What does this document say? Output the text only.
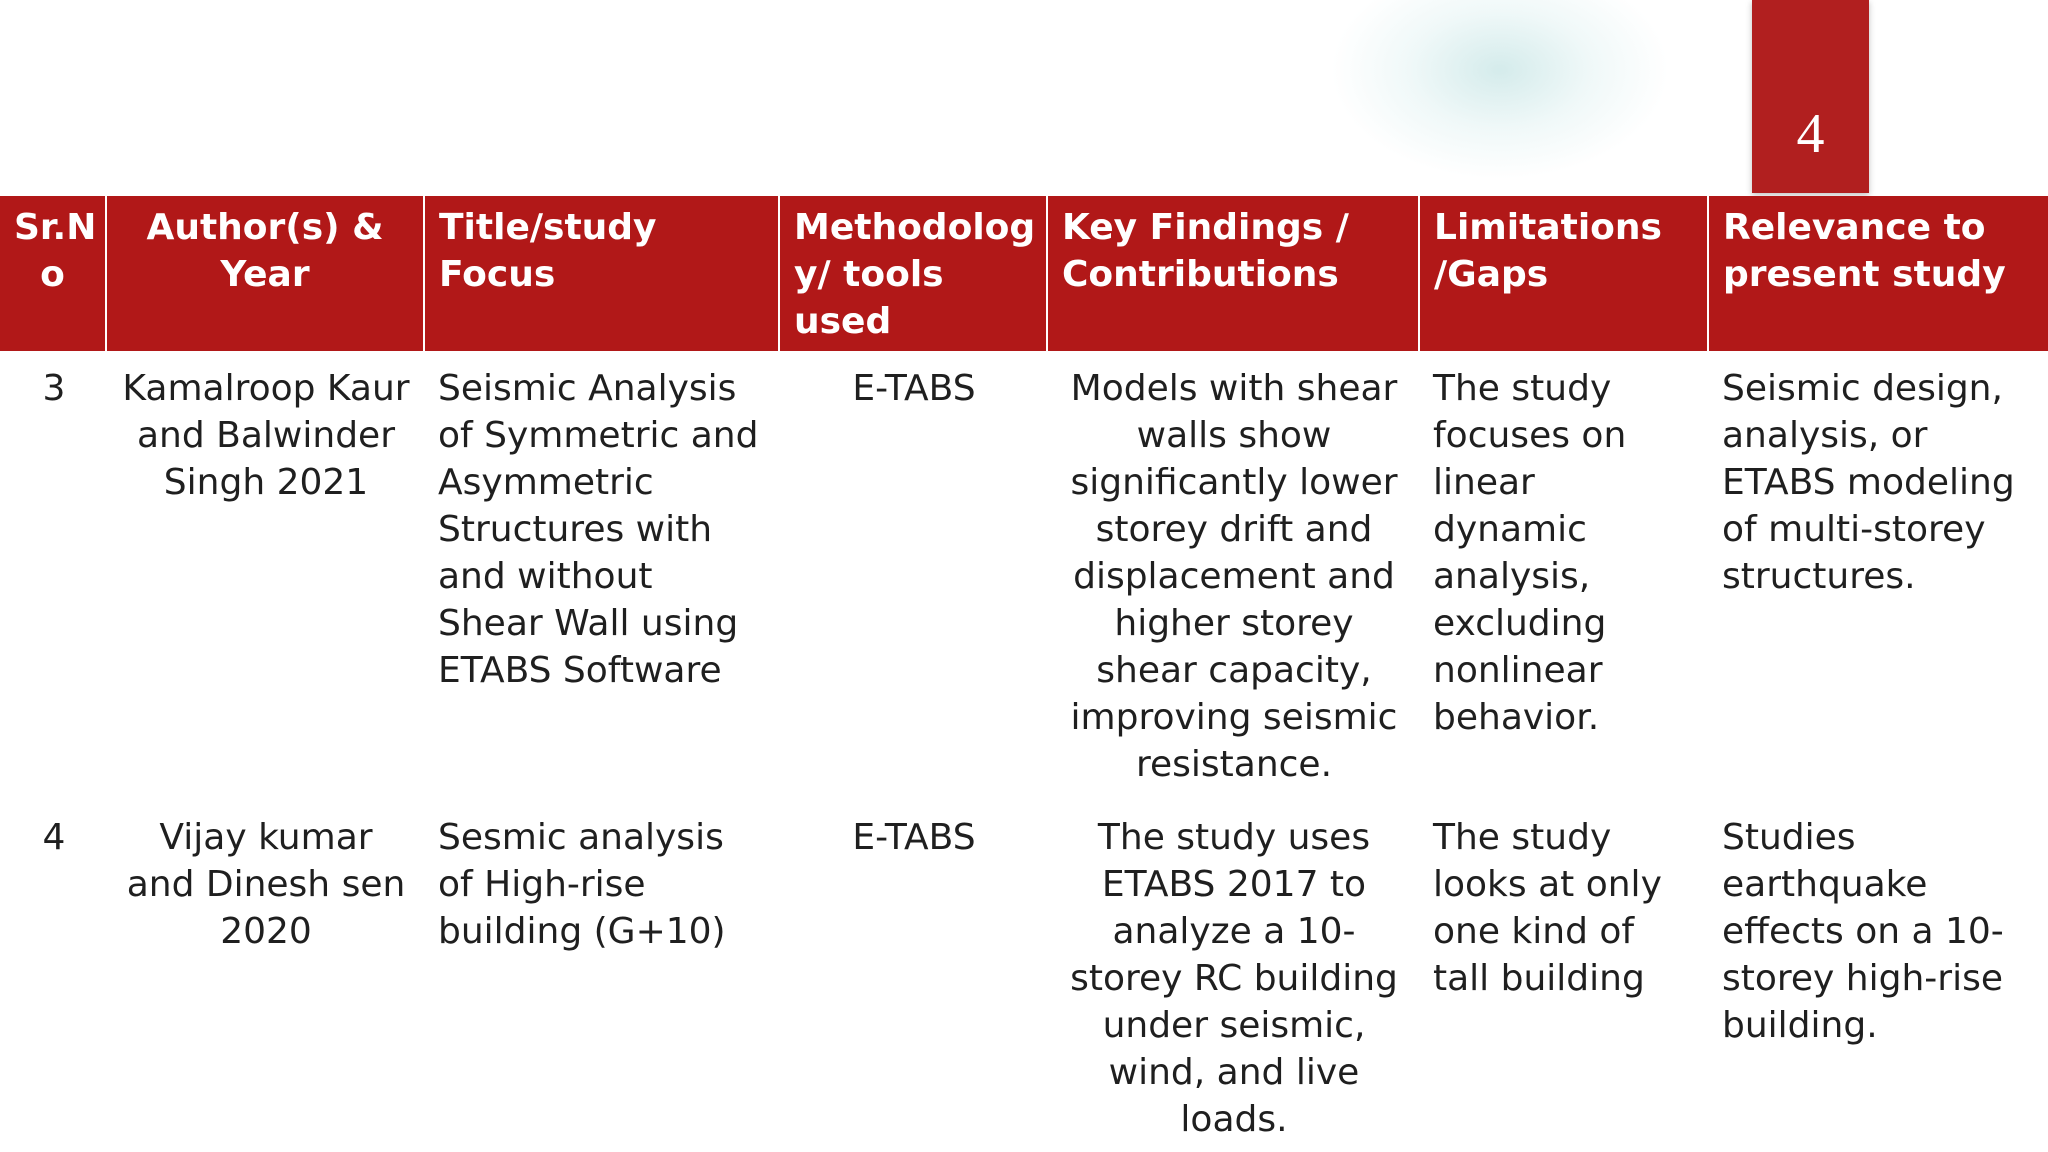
4
Sr.N o	Author(s) & Year	Title/study Focus	Methodolog y/ tools used	Key Findings / Contributions	Limitations /Gaps	Relevance to present study
3	Kamalroop Kaur and Balwinder Singh 2021	Seismic Analysis of Symmetric and Asymmetric Structures with and without Shear Wall using ETABS Software	E-TABS	Models with shear walls show significantly lower storey drift and displacement and higher storey shear capacity, improving seismic resistance.	The study focuses on linear dynamic analysis, excluding nonlinear behavior.	Seismic design, analysis, or ETABS modeling of multi-storey structures.
4	Vijay kumar and Dinesh sen 2020	Sesmic analysis of High-rise building (G+10)	E-TABS	The study uses ETABS 2017 to analyze a 10-storey RC building under seismic, wind, and live loads.	The study looks at only one kind of tall building	Studies earthquake effects on a 10-storey high-rise building.
